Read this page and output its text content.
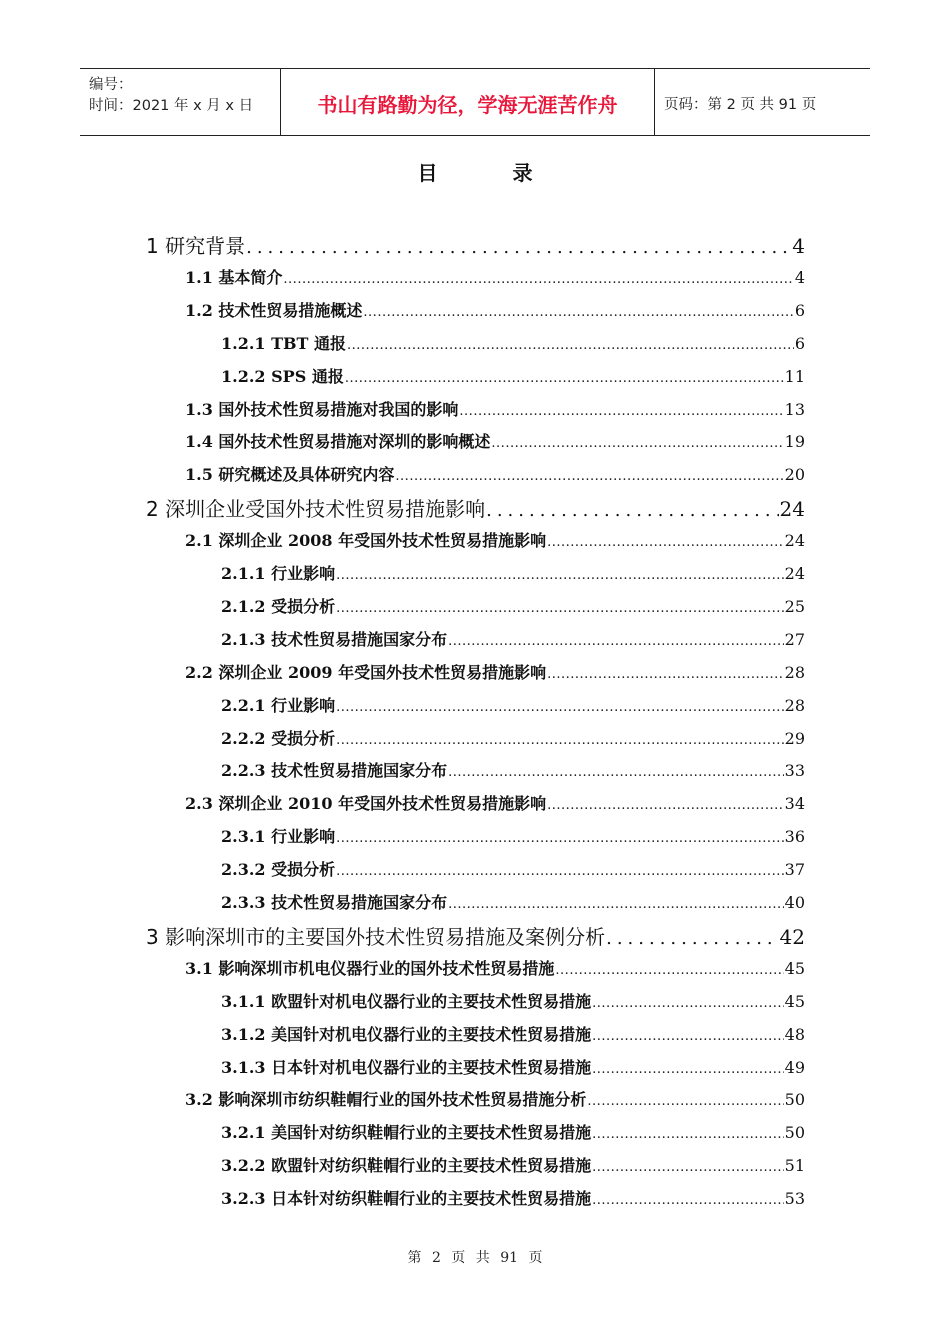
编号：
时间：2021 年 x 月 x 日	书山有路勤为径，学海无涯苦作舟	页码：第 2 页 共 91 页
目 录
1 研究背景 .....	4
1.1 基本简介 .....	4
1.2 技术性贸易措施概述 .....	6
1.2.1 TBT 通报 .....	6
1.2.2 SPS 通报 .....	11
1.3 国外技术性贸易措施对我国的影响 .....	13
1.4 国外技术性贸易措施对深圳的影响概述 .....	19
1.5 研究概述及具体研究内容 .....	20
2 深圳企业受国外技术性贸易措施影响 .....	24
2.1 深圳企业 2008 年受国外技术性贸易措施影响 .....	24
2.1.1 行业影响 .....	24
2.1.2 受损分析 .....	25
2.1.3 技术性贸易措施国家分布 .....	27
2.2 深圳企业 2009 年受国外技术性贸易措施影响 .....	28
2.2.1 行业影响 .....	28
2.2.2 受损分析 .....	29
2.2.3 技术性贸易措施国家分布 .....	33
2.3 深圳企业 2010 年受国外技术性贸易措施影响 .....	34
2.3.1 行业影响 .....	36
2.3.2 受损分析 .....	37
2.3.3 技术性贸易措施国家分布 .....	40
3 影响深圳市的主要国外技术性贸易措施及案例分析 .....	42
3.1 影响深圳市机电仪器行业的国外技术性贸易措施 .....	45
3.1.1 欧盟针对机电仪器行业的主要技术性贸易措施 .....	45
3.1.2 美国针对机电仪器行业的主要技术性贸易措施 .....	48
3.1.3 日本针对机电仪器行业的主要技术性贸易措施 .....	49
3.2 影响深圳市纺织鞋帽行业的国外技术性贸易措施分析 .....	50
3.2.1 美国针对纺织鞋帽行业的主要技术性贸易措施 .....	50
3.2.2 欧盟针对纺织鞋帽行业的主要技术性贸易措施 .....	51
3.2.3 日本针对纺织鞋帽行业的主要技术性贸易措施 .....	53
第 2 页 共 91 页
